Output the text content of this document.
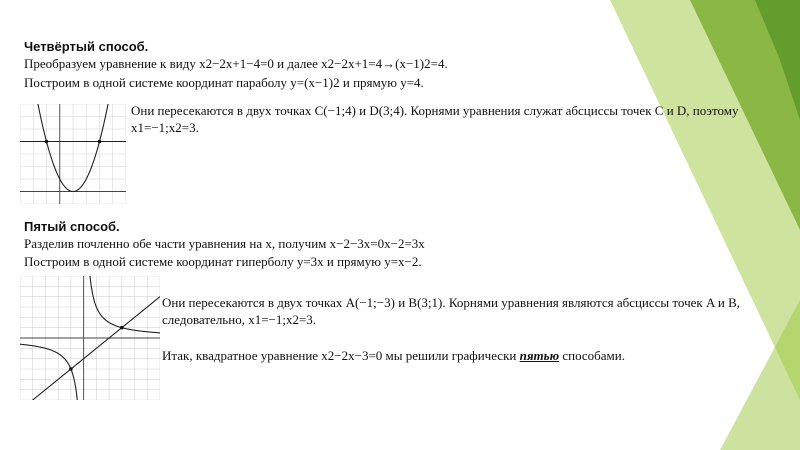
Четвёртый способ.
Преобразуем уравнение к виду x2−2x+1−4=0 и далее x2−2x+1=4→(x−1)2=4.
Построим в одной системе координат параболу y=(x−1)2 и прямую y=4.
Они пересекаются в двух точках C(−1;4) и D(3;4). Корнями уравнения служат абсциссы точек C и D, поэтому x1=−1;x2=3.
Пятый способ.
Разделив почленно обе части уравнения на x, получим x−2−3x=0x−2=3x
Построим в одной системе координат гиперболу y=3x и прямую y=x−2.
Они пересекаются в двух точках A(−1;−3) и B(3;1). Корнями уравнения являются абсциссы точек A и B, следовательно, x1=−1;x2=3.
Итак, квадратное уравнение x2−2x−3=0 мы решили графически пятью способами.
